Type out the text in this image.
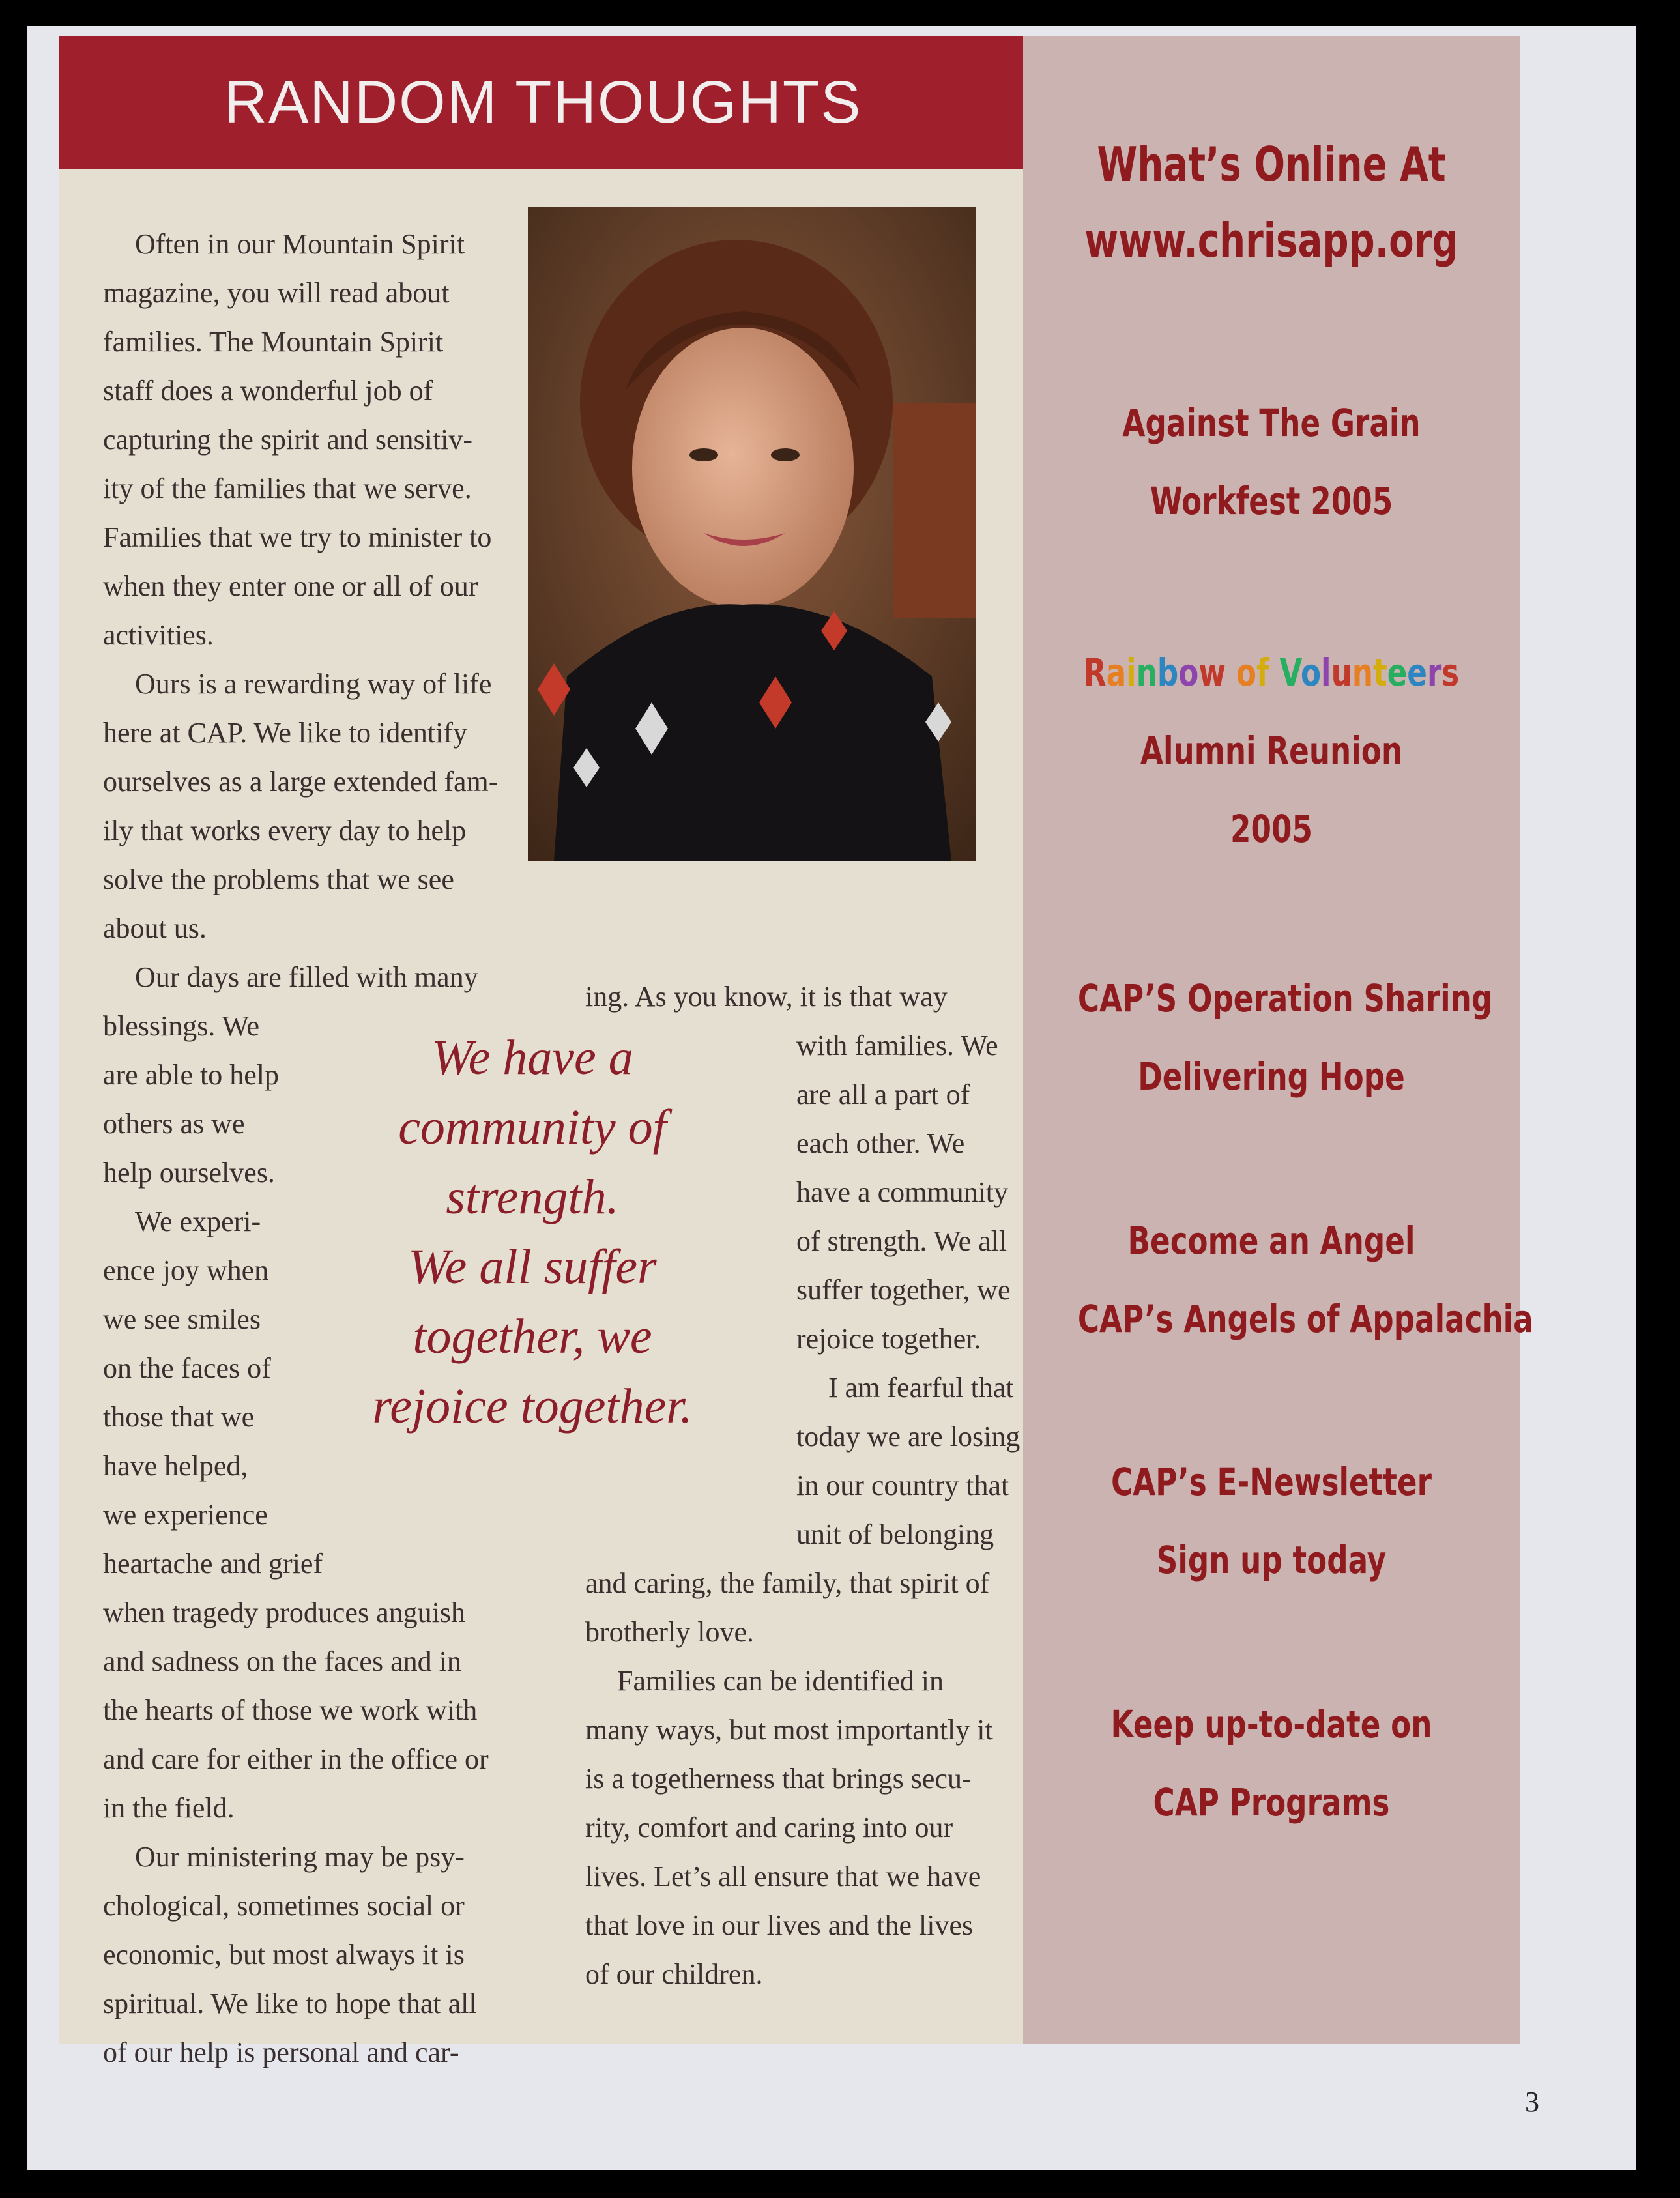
RANDOM THOUGHTS
Often in our Mountain Spirit
magazine, you will read about
families. The Mountain Spirit
staff does a wonderful job of
capturing the spirit and sensitiv-
ity of the families that we serve.
Families that we try to minister to
when they enter one or all of our
activities.
Ours is a rewarding way of life
here at CAP. We like to identify
ourselves as a large extended fam-
ily that works every day to help
solve the problems that we see
about us.
Our days are filled with many
blessings. We
are able to help
others as we
help ourselves.
We experi-
ence joy when
we see smiles
on the faces of
those that we
have helped,
we experience
heartache and grief
when tragedy produces anguish
and sadness on the faces and in
the hearts of those we work with
and care for either in the office or
in the field.
Our ministering may be psy-
chological, sometimes social or
economic, but most always it is
spiritual. We like to hope that all
of our help is personal and car-
ing. As you know, it is that way
with families. We
are all a part of
each other. We
have a community
of strength. We all
suffer together, we
rejoice together.
I am fearful that
today we are losing
in our country that
unit of belonging
and caring, the family, that spirit of
brotherly love.
Families can be identified in
many ways, but most importantly it
is a togetherness that brings secu-
rity, comfort and caring into our
lives. Let’s all ensure that we have
that love in our lives and the lives
of our children.
We have a
community of
strength.
We all suffer
together, we
rejoice together.
What’s Online At
www.chrisapp.org
Against The Grain
Workfest 2005
Rainbow of Volunteers
Alumni Reunion
2005
CAP’S Operation Sharing
Delivering Hope
Become an Angel
CAP’s Angels of Appalachia
CAP’s E-Newsletter
Sign up today
Keep up-to-date on
CAP Programs
3
